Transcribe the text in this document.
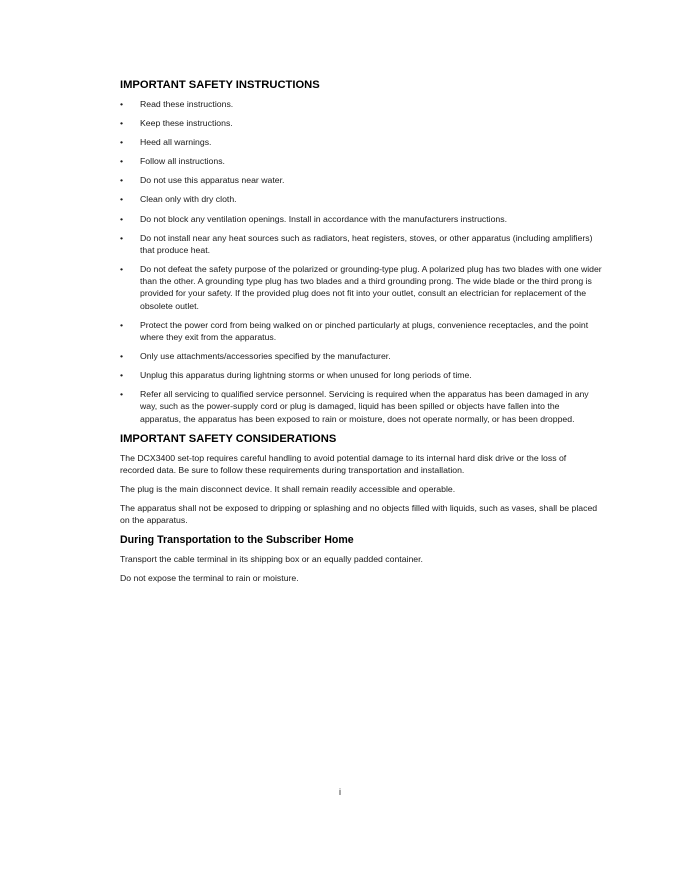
IMPORTANT SAFETY INSTRUCTIONS
• Read these instructions.
• Keep these instructions.
• Heed all warnings.
• Follow all instructions.
• Do not use this apparatus near water.
• Clean only with dry cloth.
• Do not block any ventilation openings. Install in accordance with the manufacturers instructions.
• Do not install near any heat sources such as radiators, heat registers, stoves, or other apparatus (including amplifiers) that produce heat.
• Do not defeat the safety purpose of the polarized or grounding-type plug. A polarized plug has two blades with one wider than the other. A grounding type plug has two blades and a third grounding prong. The wide blade or the third prong is provided for your safety. If the provided plug does not fit into your outlet, consult an electrician for replacement of the obsolete outlet.
• Protect the power cord from being walked on or pinched particularly at plugs, convenience receptacles, and the point where they exit from the apparatus.
• Only use attachments/accessories specified by the manufacturer.
• Unplug this apparatus during lightning storms or when unused for long periods of time.
• Refer all servicing to qualified service personnel. Servicing is required when the apparatus has been damaged in any way, such as the power-supply cord or plug is damaged, liquid has been spilled or objects have fallen into the apparatus, the apparatus has been exposed to rain or moisture, does not operate normally, or has been dropped.
IMPORTANT SAFETY CONSIDERATIONS

The DCX3400 set-top requires careful handling to avoid potential damage to its internal hard disk drive or the loss of recorded data. Be sure to follow these requirements during transportation and installation.

The plug is the main disconnect device. It shall remain readily accessible and operable.

The apparatus shall not be exposed to dripping or splashing and no objects filled with liquids, such as vases, shall be placed on the apparatus.

During Transportation to the Subscriber Home

Transport the cable terminal in its shipping box or an equally padded container.

Do not expose the terminal to rain or moisture.

i
